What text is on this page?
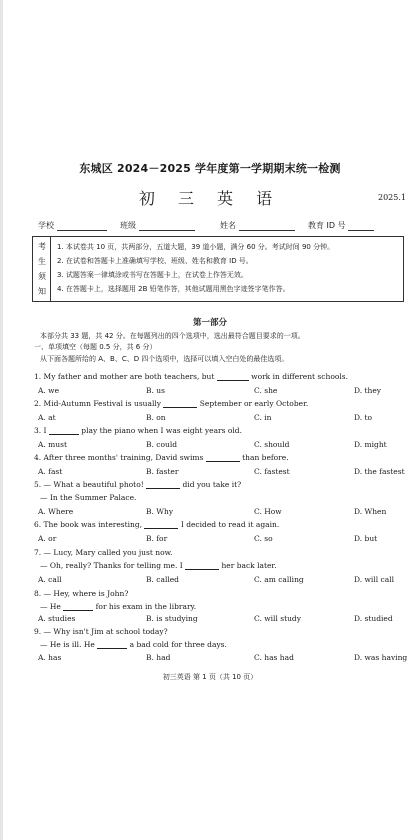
东城区 2024－2025 学年度第一学期期末统一检测
初 三 英 语	2025.1
学校	班级	姓名	教育 ID 号
考
生
须
知
1. 本试卷共 10 页，共两部分，五道大题，39 道小题，满分 60 分。考试时间 90 分钟。
2. 在试卷和答题卡上准确填写学校、班级、姓名和教育 ID 号。
3. 试题答案一律填涂或书写在答题卡上，在试卷上作答无效。
4. 在答题卡上，选择题用 2B 铅笔作答，其他试题用黑色字迹签字笔作答。
第一部分
本部分共 33 题，共 42 分。在每题列出的四个选项中，选出最符合题目要求的一项。
一、单项填空（每题 0.5 分，共 6 分）
从下面各题所给的 A、B、C、D 四个选项中，选择可以填入空白处的最佳选项。
1. My father and mother are both teachers, but	work in different schools.
A. we	B. us	C. she	D. they
2. Mid-Autumn Festival is usually	September or early October.
A. at	B. on	C. in	D. to
3. I	play the piano when I was eight years old.
A. must	B. could	C. should	D. might
4. After three months' training, David swims	than before.
A. fast	B. faster	C. fastest	D. the fastest
5. — What a beautiful photo!	did you take it?
— In the Summer Palace.
A. Where	B. Why	C. How	D. When
6. The book was interesting,	I decided to read it again.
A. or	B. for	C. so	D. but
7. — Lucy, Mary called you just now.
— Oh, really? Thanks for telling me. I	her back later.
A. call	B. called	C. am calling	D. will call
8. — Hey, where is John?
— He	for his exam in the library.
A. studies	B. is studying	C. will study	D. studied
9. — Why isn't Jim at school today?
— He is ill. He	a bad cold for three days.
A. has	B. had	C. has had	D. was having
初三英语 第 1 页（共 10 页）
